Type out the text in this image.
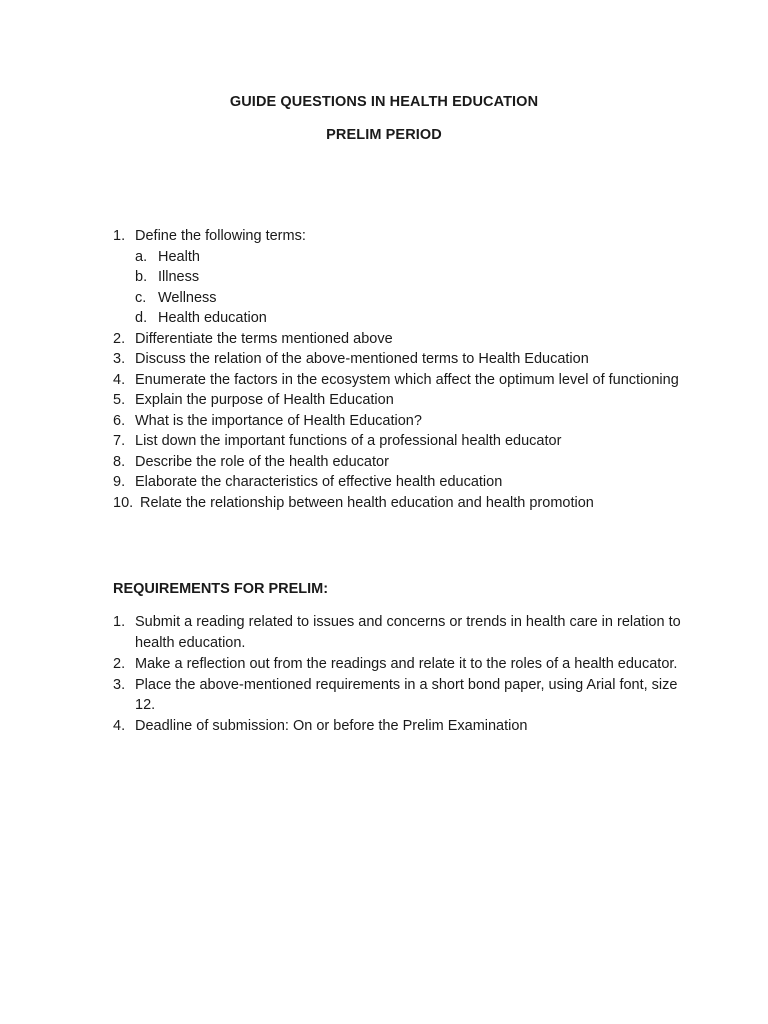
GUIDE QUESTIONS IN HEALTH EDUCATION
PRELIM PERIOD
1. Define the following terms:
a. Health
b. Illness
c. Wellness
d. Health education
2. Differentiate the terms mentioned above
3. Discuss the relation of the above-mentioned terms to Health Education
4. Enumerate the factors in the ecosystem which affect the optimum level of functioning
5. Explain the purpose of Health Education
6. What is the importance of Health Education?
7. List down the important functions of a professional health educator
8. Describe the role of the health educator
9. Elaborate the characteristics of effective health education
10. Relate the relationship between health education and health promotion
REQUIREMENTS FOR PRELIM:
1. Submit a reading related to issues and concerns or trends in health care in relation to health education.
2. Make a reflection out from the readings and relate it to the roles of a health educator.
3. Place the above-mentioned requirements in a short bond paper, using Arial font, size 12.
4. Deadline of submission: On or before the Prelim Examination
